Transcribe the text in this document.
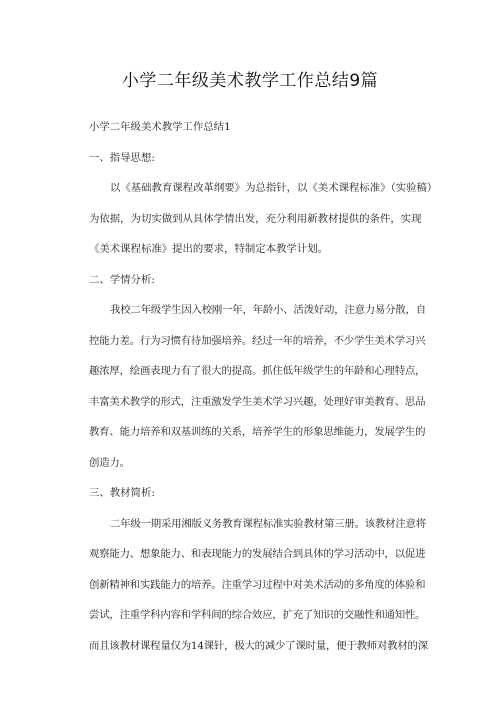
小学二年级美术教学工作总结9篇

小学二年级美术教学工作总结1

一、指导思想:

以《基础教育课程改革纲要》为总指针，以《美术课程标准》（实验稿）为依据，为切实做到从具体学情出发，充分利用新教材提供的条件，实现《美术课程标准》提出的要求，特制定本教学计划。

二、学情分析:

我校二年级学生因入校刚一年，年龄小、活泼好动，注意力易分散，自控能力差。行为习惯有待加强培养。经过一年的培养，不少学生美术学习兴趣浓厚，绘画表现力有了很大的提高。抓住低年级学生的年龄和心理特点，丰富美术教学的形式，注重激发学生美术学习兴趣，处理好审美教育、思品教育、能力培养和双基训练的关系，培养学生的形象思维能力，发展学生的创造力。

三、教材简析:

二年级一期采用湘版义务教育课程标准实验教材第三册。该教材注意将观察能力、想象能力、和表现能力的发展结合到具体的学习活动中，以促进创新精神和实践能力的培养。注重学习过程中对美术活动的多角度的体验和尝试，注重学科内容和学科间的综合效应，扩充了知识的交融性和通知性。而且该教材课程量仅为14课针，极大的减少了课时量，便于教师对教材的深
